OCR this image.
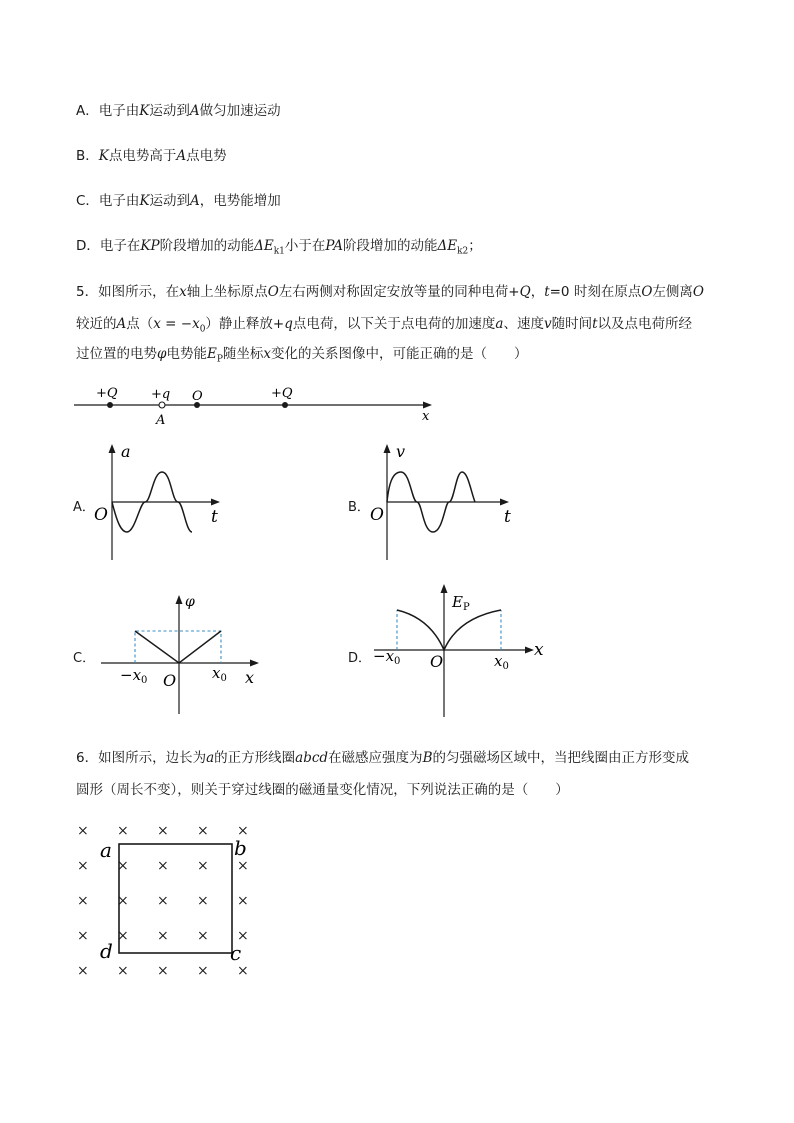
A．电子由K运动到A做匀加速运动
B．K点电势高于A点电势
C．电子由K运动到A，电势能增加
D．电子在KP阶段增加的动能$\Delta E_{k1}$小于在PA阶段增加的动能$\Delta E_{k2}$；
5．如图所示，在x轴上坐标原点O左右两侧对称固定安放等量的同种电荷+Q，t=0 时刻在原点O左侧离O
较近的A点$(x = -x_0)$静止释放+q点电荷，以下关于点电荷的加速度a、速度v随时间t以及点电荷所经
过位置的电势φ电势能$E_P$随坐标x变化的关系图像中，可能正确的是（　　）
+Q	+q O	+Q
A	x
A．
a
O	t	B．
v
O	t
C．
φ
$-x_0$ O $x_0$ x
D．
$E_P$
$-x_0$ O	$x_0$
x
6．如图所示，边长为a的正方形线圈abcd在磁感应强度为B的匀强磁场区域中，当把线圈由正方形变成
圆形（周长不变），则关于穿过线圈的磁通量变化情况，下列说法正确的是（　　）
× × × × ×
× × × × ×
× × × × ×
× × × × ×
× × × × ×
a	b
c
d
